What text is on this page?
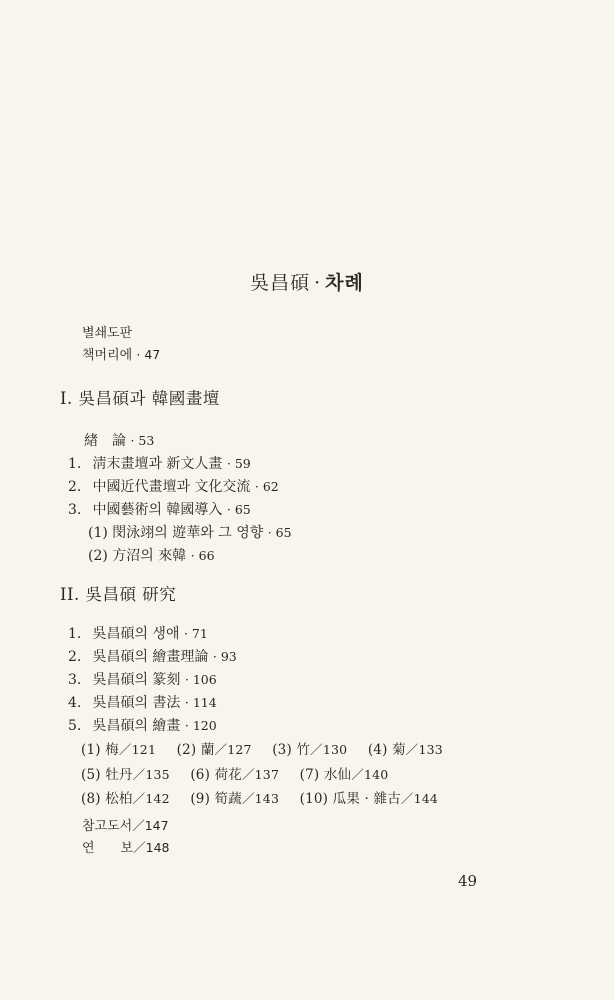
吳昌碩 · 차례
별쇄도판
책머리에 · 47
I. 吳昌碩과 韓國畫壇
緖　論 · 53
1. 淸末畫壇과 新文人畫 · 59
2. 中國近代畫壇과 文化交流 · 62
3. 中國藝術의 韓國導入 · 65
(1) 閔泳翊의 遊華와 그 영향 · 65
(2) 方沼의 來韓 · 66
II. 吳昌碩 研究
1. 吳昌碩의 생애 · 71
2. 吳昌碩의 繪畫理論 · 93
3. 吳昌碩의 篆刻 · 106
4. 吳昌碩의 書法 · 114
5. 吳昌碩의 繪畫 · 120
(1) 梅／121 (2) 蘭／127 (3) 竹／130 (4) 菊／133 (5) 牡丹／135 (6) 荷花／137 (7) 水仙／140 (8) 松柏／142 (9) 筍蔬／143 (10) 瓜果 · 雜古／144
참고도서／147
연　　보／148
49
